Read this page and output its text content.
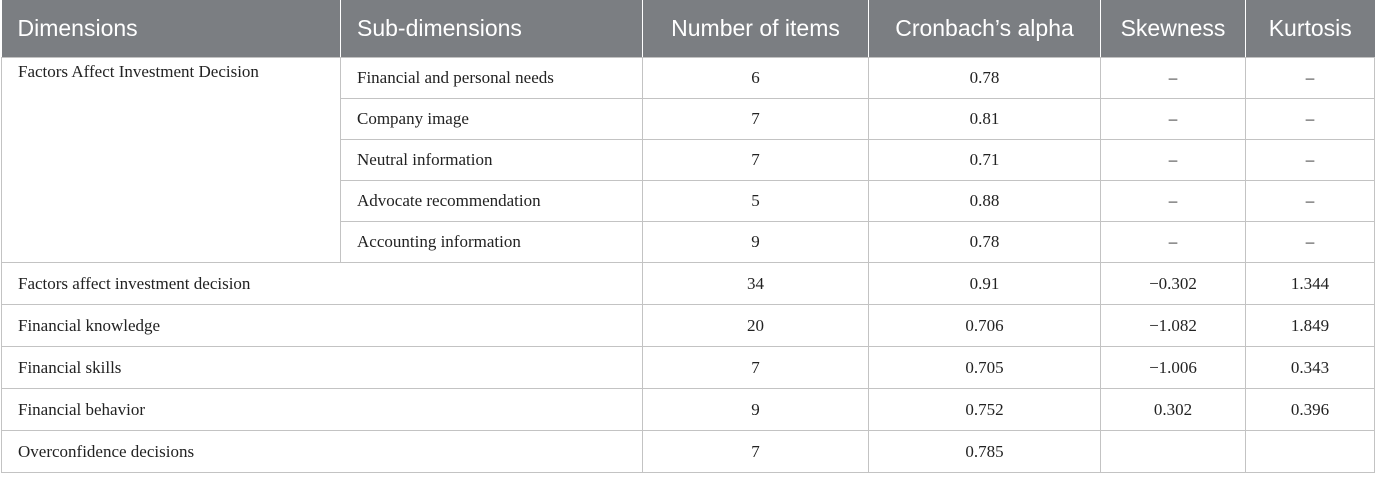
Dimensions	Sub-dimensions	Number of items	Cronbach’s alpha	Skewness	Kurtosis
Factors Affect Investment Decision	Financial and personal needs	6	0.78	–	–
	Company image	7	0.81	–	–
	Neutral information	7	0.71	–	–
	Advocate recommendation	5	0.88	–	–
	Accounting information	9	0.78	–	–
Factors affect investment decision		34	0.91	−0.302	1.344
Financial knowledge		20	0.706	−1.082	1.849
Financial skills		7	0.705	−1.006	0.343
Financial behavior		9	0.752	0.302	0.396
Overconfidence decisions		7	0.785		
